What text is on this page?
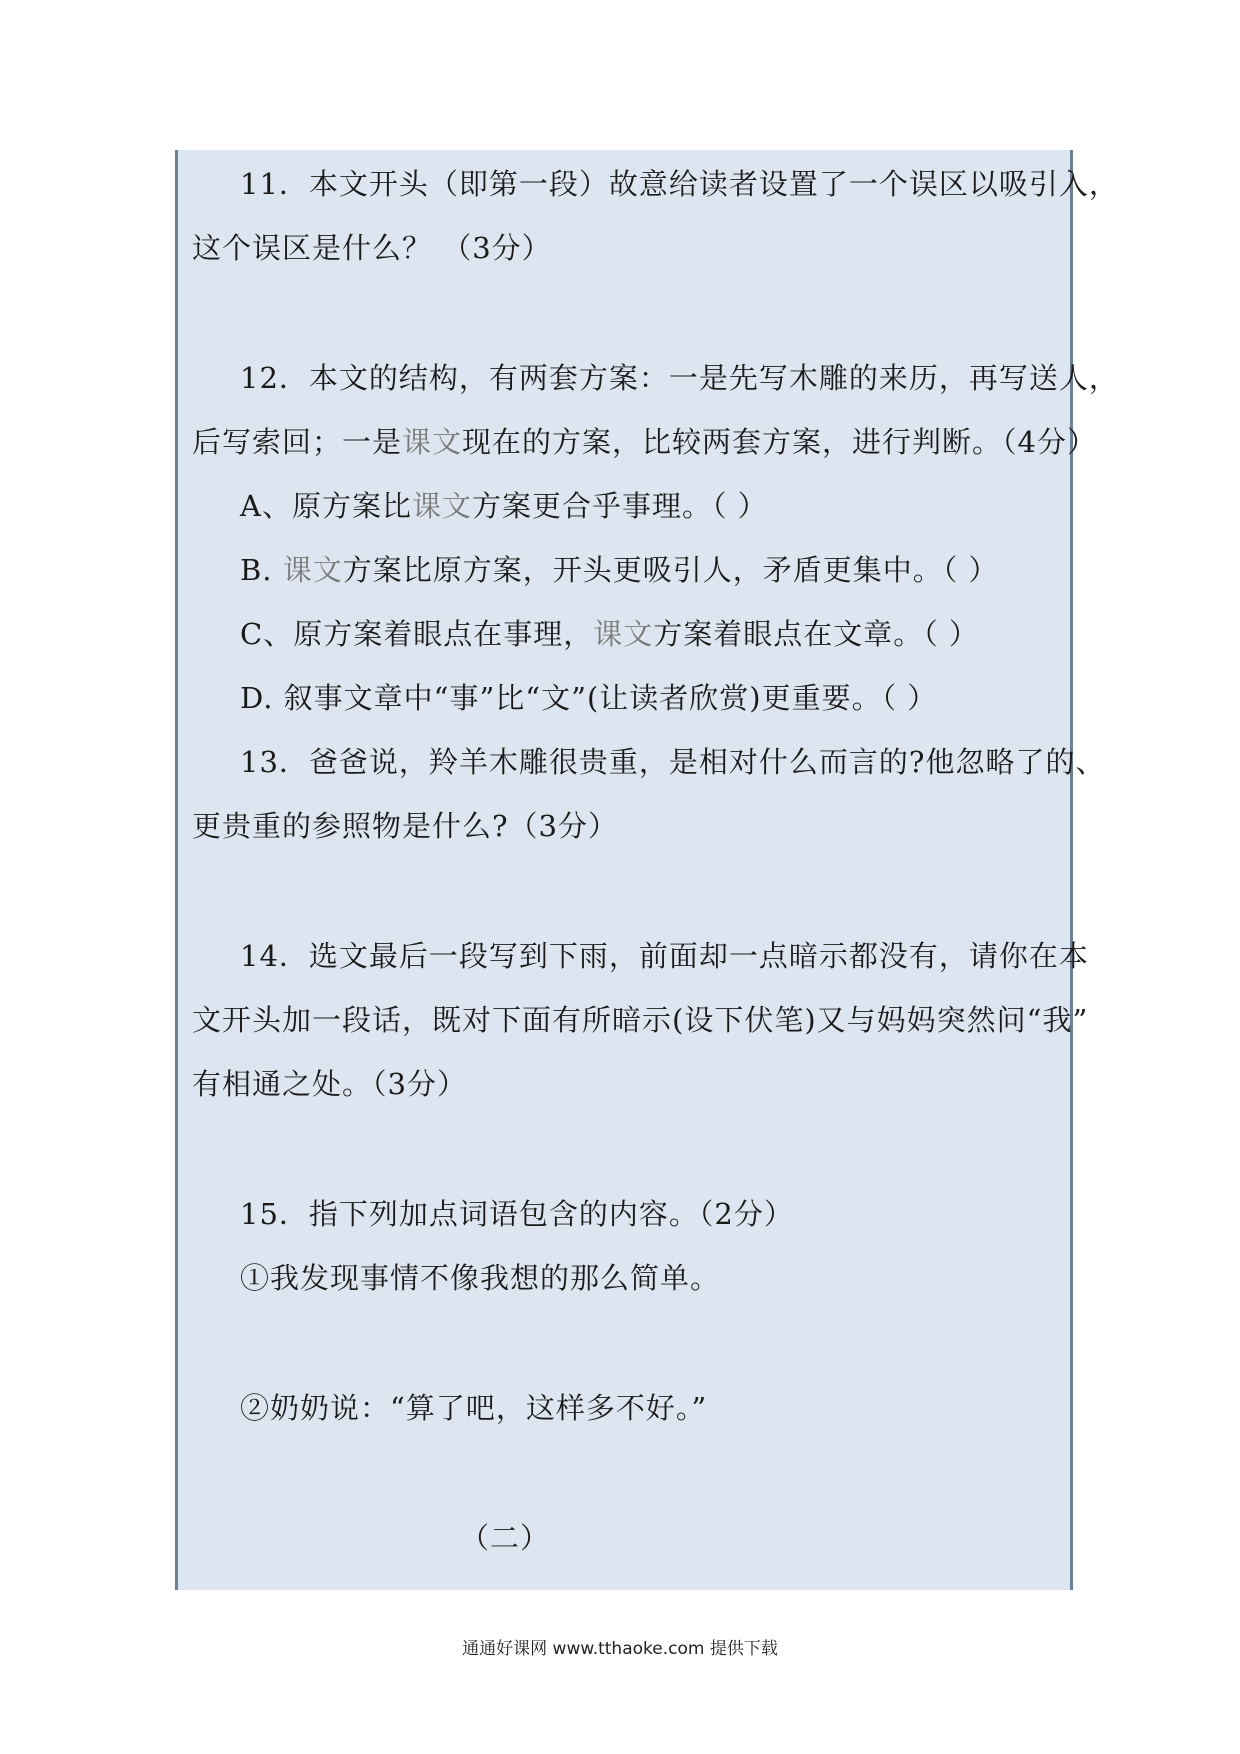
11．本文开头（即第一段）故意给读者设置了一个误区以吸引入，
这个误区是什么？ （3分）
12．本文的结构，有两套方案：一是先写木雕的来历，再写送人，
后写索回；一是课文现在的方案，比较两套方案，进行判断。（4分）
A、原方案比课文方案更合乎事理。（ ）
B. 课文方案比原方案，开头更吸引人，矛盾更集中。（ ）
C、原方案着眼点在事理，课文方案着眼点在文章。（ ）
D. 叙事文章中“事”比“文”(让读者欣赏)更重要。（ ）
13．爸爸说，羚羊木雕很贵重，是相对什么而言的?他忽略了的、
更贵重的参照物是什么?（3分）
14．选文最后一段写到下雨，前面却一点暗示都没有，请你在本
文开头加一段话，既对下面有所暗示(设下伏笔)又与妈妈突然问“我”
有相通之处。（3分）
15．指下列加点词语包含的内容。（2分）
①我发现事情不像我想的那么简单。
②奶奶说：“算了吧，这样多不好。”
（二）
通通好课网 www.tthaoke.com 提供下载
